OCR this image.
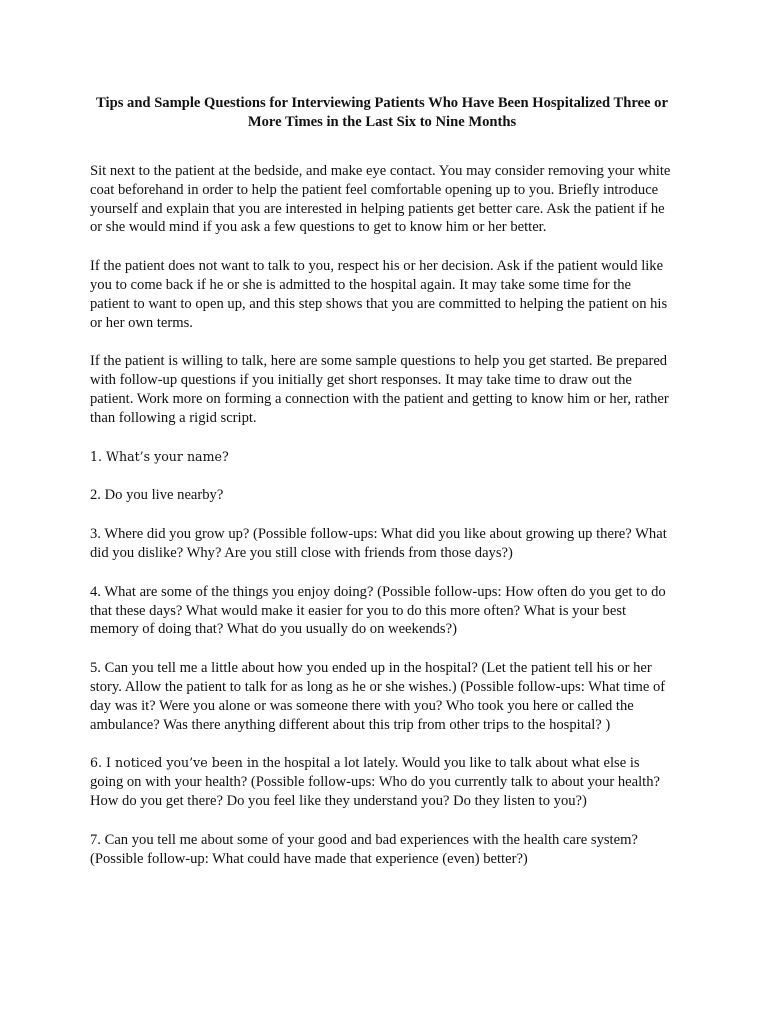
Tips and Sample Questions for Interviewing Patients Who Have Been Hospitalized Three or More Times in the Last Six to Nine Months

Sit next to the patient at the bedside, and make eye contact. You may consider removing your white coat beforehand in order to help the patient feel comfortable opening up to you. Briefly introduce yourself and explain that you are interested in helping patients get better care. Ask the patient if he or she would mind if you ask a few questions to get to know him or her better.

If the patient does not want to talk to you, respect his or her decision. Ask if the patient would like you to come back if he or she is admitted to the hospital again. It may take some time for the patient to want to open up, and this step shows that you are committed to helping the patient on his or her own terms.

If the patient is willing to talk, here are some sample questions to help you get started. Be prepared with follow-up questions if you initially get short responses. It may take time to draw out the patient. Work more on forming a connection with the patient and getting to know him or her, rather than following a rigid script.

1. What’s your name?

2. Do you live nearby?

3. Where did you grow up? (Possible follow-ups: What did you like about growing up there? What did you dislike? Why? Are you still close with friends from those days?)

4. What are some of the things you enjoy doing? (Possible follow-ups: How often do you get to do that these days? What would make it easier for you to do this more often? What is your best memory of doing that? What do you usually do on weekends?)

5. Can you tell me a little about how you ended up in the hospital? (Let the patient tell his or her story. Allow the patient to talk for as long as he or she wishes.) (Possible follow-ups: What time of day was it? Were you alone or was someone there with you? Who took you here or called the ambulance? Was there anything different about this trip from other trips to the hospital? )

6. I noticed you’ve been in the hospital a lot lately. Would you like to talk about what else is going on with your health? (Possible follow-ups: Who do you currently talk to about your health? How do you get there? Do you feel like they understand you? Do they listen to you?)

7. Can you tell me about some of your good and bad experiences with the health care system? (Possible follow-up: What could have made that experience (even) better?)
